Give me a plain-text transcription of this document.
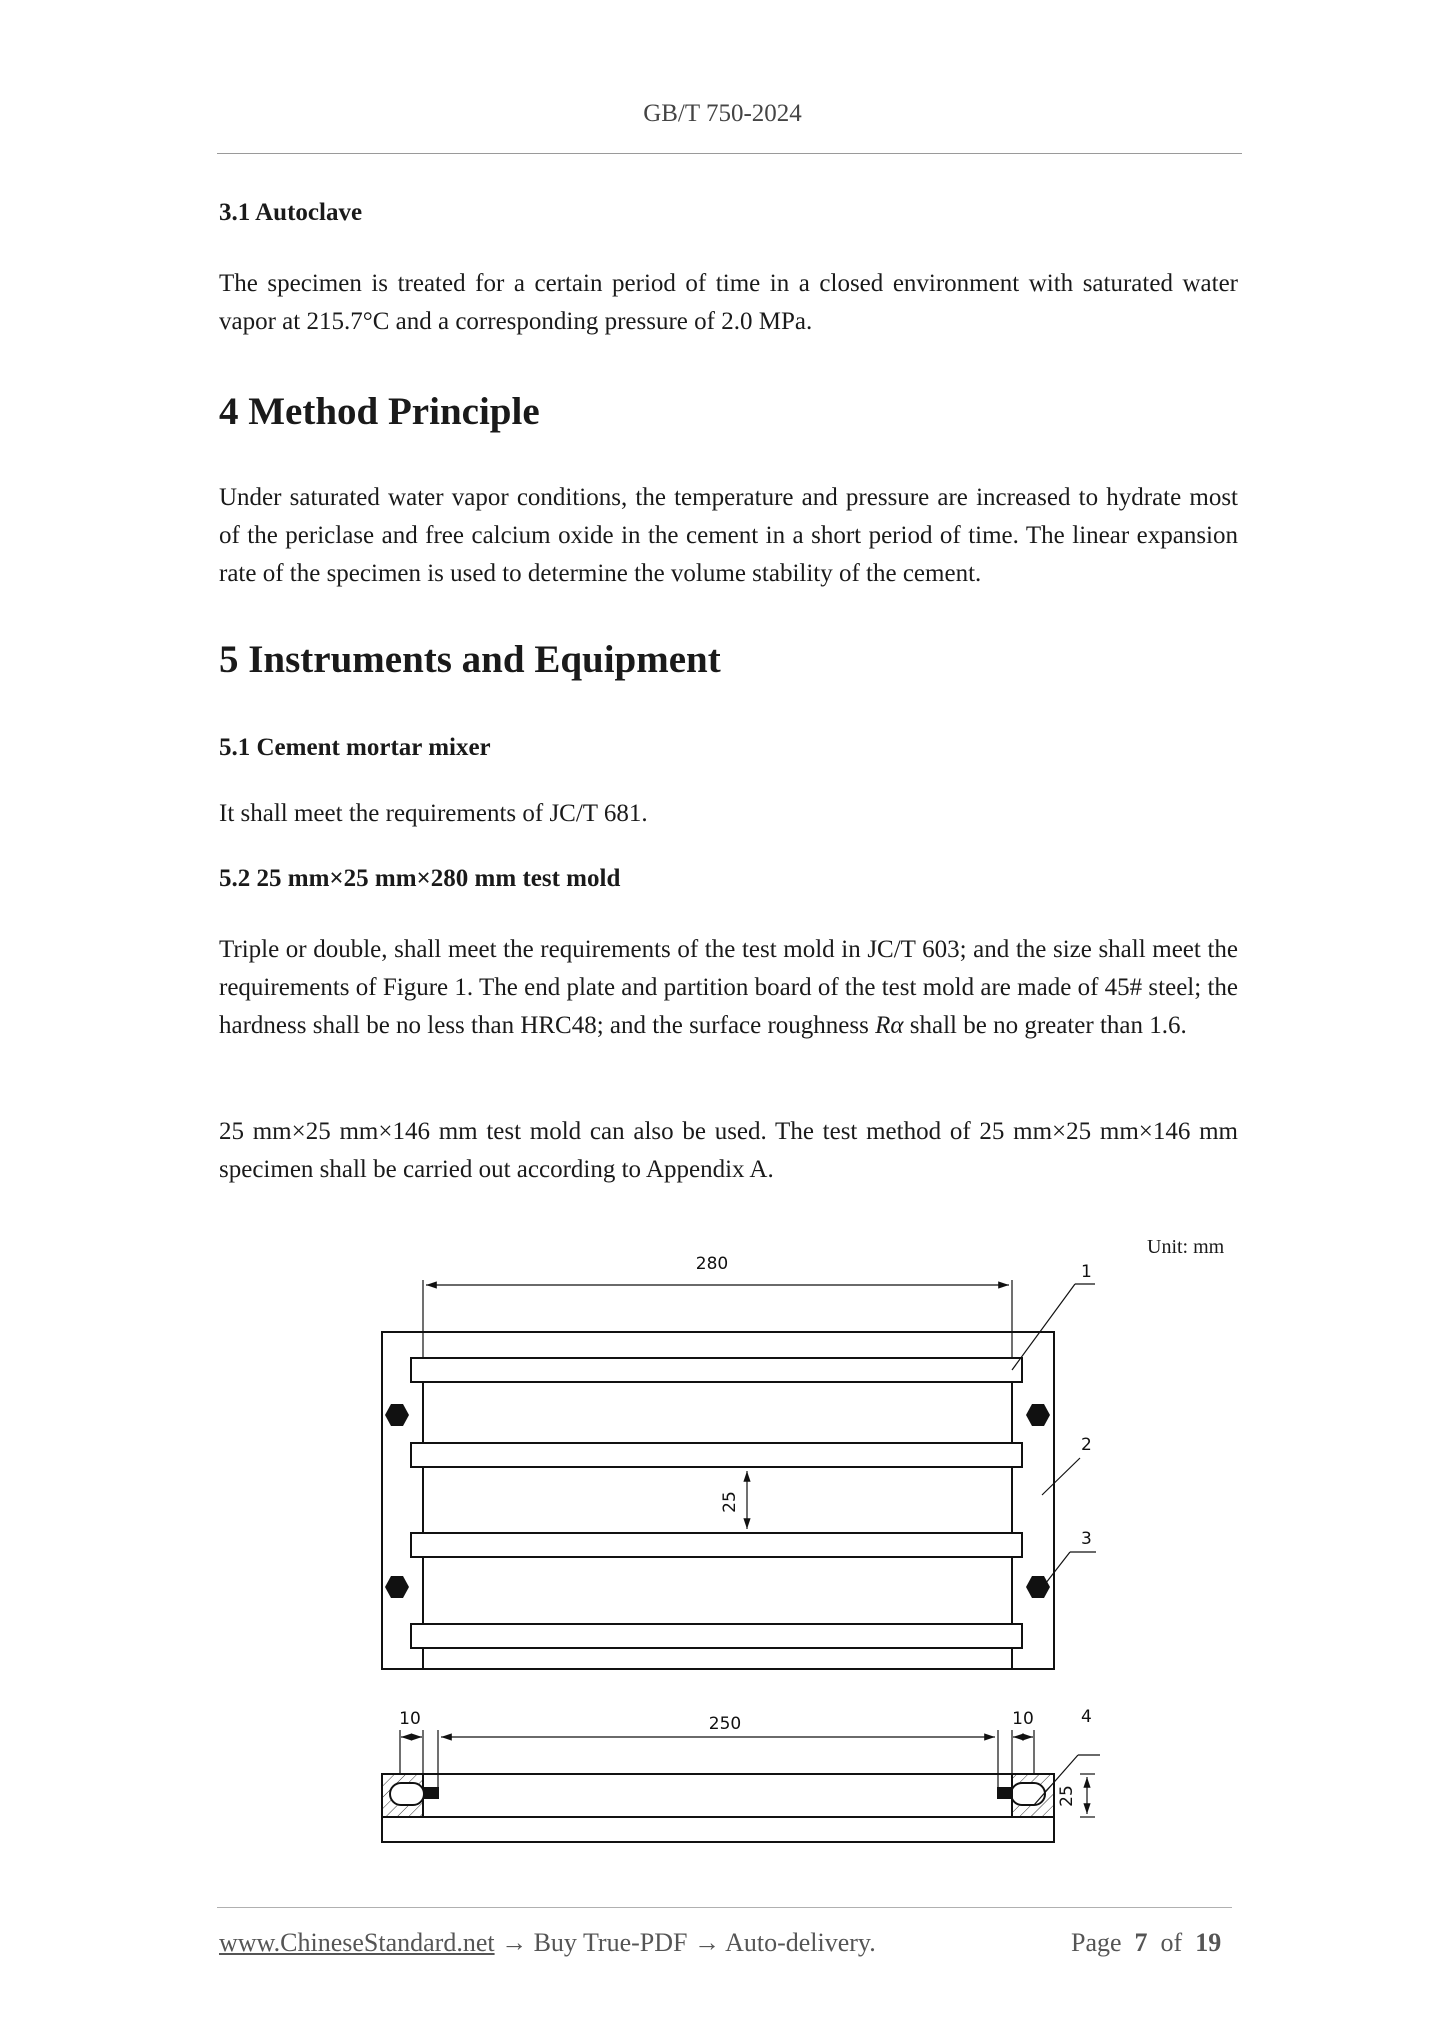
GB/T 750-2024
3.1 Autoclave

The specimen is treated for a certain period of time in a closed environment with saturated water vapor at 215.7°C and a corresponding pressure of 2.0 MPa.

4 Method Principle

Under saturated water vapor conditions, the temperature and pressure are increased to hydrate most of the periclase and free calcium oxide in the cement in a short period of time. The linear expansion rate of the specimen is used to determine the volume stability of the cement.

5 Instruments and Equipment
5.1 Cement mortar mixer

It shall meet the requirements of JC/T 681.

5.2 25 mm×25 mm×280 mm test mold

Triple or double, shall meet the requirements of the test mold in JC/T 603; and the size shall meet the requirements of Figure 1. The end plate and partition board of the test mold are made of 45# steel; the hardness shall be no less than HRC48; and the surface roughness Rα shall be no greater than 1.6.

25 mm×25 mm×146 mm test mold can also be used. The test method of 25 mm×25 mm×146 mm specimen shall be carried out according to Appendix A.

Unit: mm
280
25
1
2
3
10	250	10
25
4
www.ChineseStandard.net → Buy True-PDF → Auto-delivery.	Page 7 of 19
